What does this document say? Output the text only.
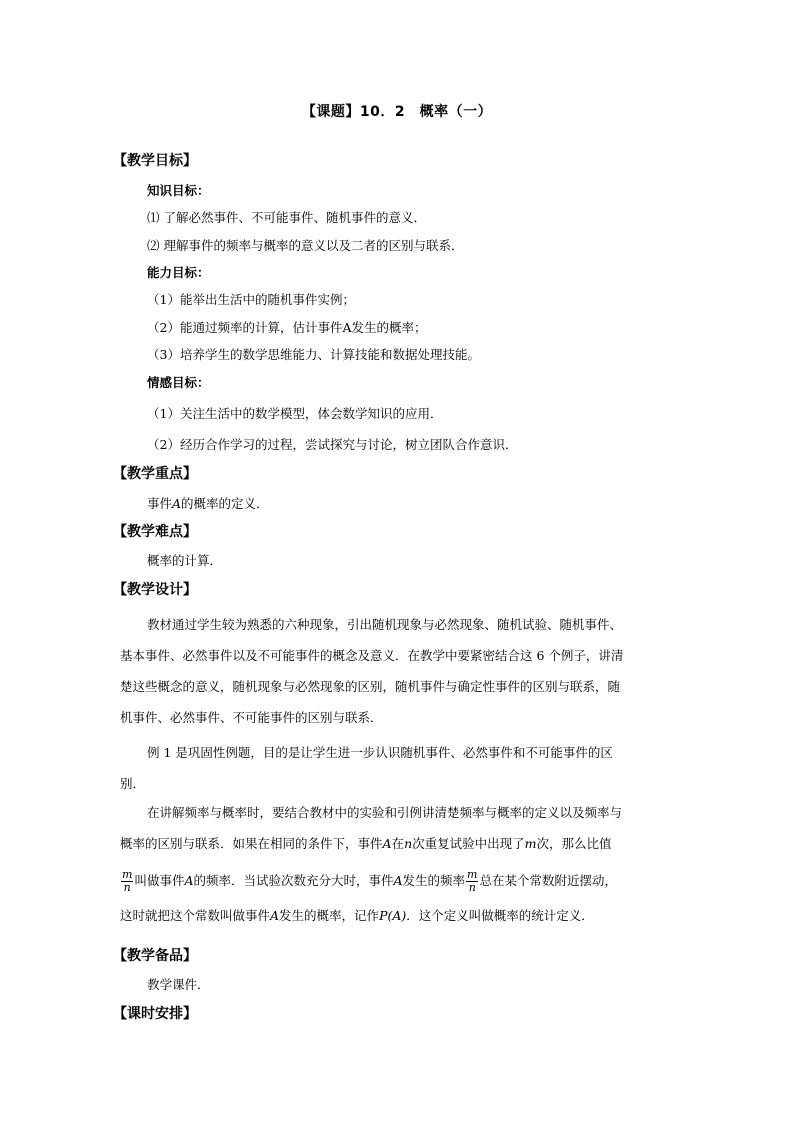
【课题】10．2　概率（一）
【教学目标】
知识目标：
⑴ 了解必然事件、不可能事件、随机事件的意义．
⑵ 理解事件的频率与概率的意义以及二者的区别与联系．
能力目标：
（1）能举出生活中的随机事件实例；
（2）能通过频率的计算，估计事件A发生的概率；
（3）培养学生的数学思维能力、计算技能和数据处理技能。
情感目标：
（1）关注生活中的数学模型，体会数学知识的应用．
（2）经历合作学习的过程，尝试探究与讨论，树立团队合作意识．
【教学重点】
事件A的概率的定义．
【教学难点】
概率的计算．
【教学设计】
教材通过学生较为熟悉的六种现象，引出随机现象与必然现象、随机试验、随机事件、
基本事件、必然事件以及不可能事件的概念及意义．在教学中要紧密结合这 6 个例子，讲清
楚这些概念的意义，随机现象与必然现象的区别，随机事件与确定性事件的区别与联系，随
机事件、必然事件、不可能事件的区别与联系．
例 1 是巩固性例题，目的是让学生进一步认识随机事件、必然事件和不可能事件的区
别．
在讲解频率与概率时，要结合教材中的实验和引例讲清楚频率与概率的定义以及频率与
概率的区别与联系．如果在相同的条件下，事件A在n次重复试验中出现了m次，那么比值
$\frac{m}{n}$ 叫做事件A的频率．当试验次数充分大时，事件A发生的频率 $\frac{m}{n}$ 总在某个常数附近摆动，
这时就把这个常数叫做事件A发生的概率，记作P(A)．这个定义叫做概率的统计定义．
【教学备品】
教学课件．
【课时安排】
